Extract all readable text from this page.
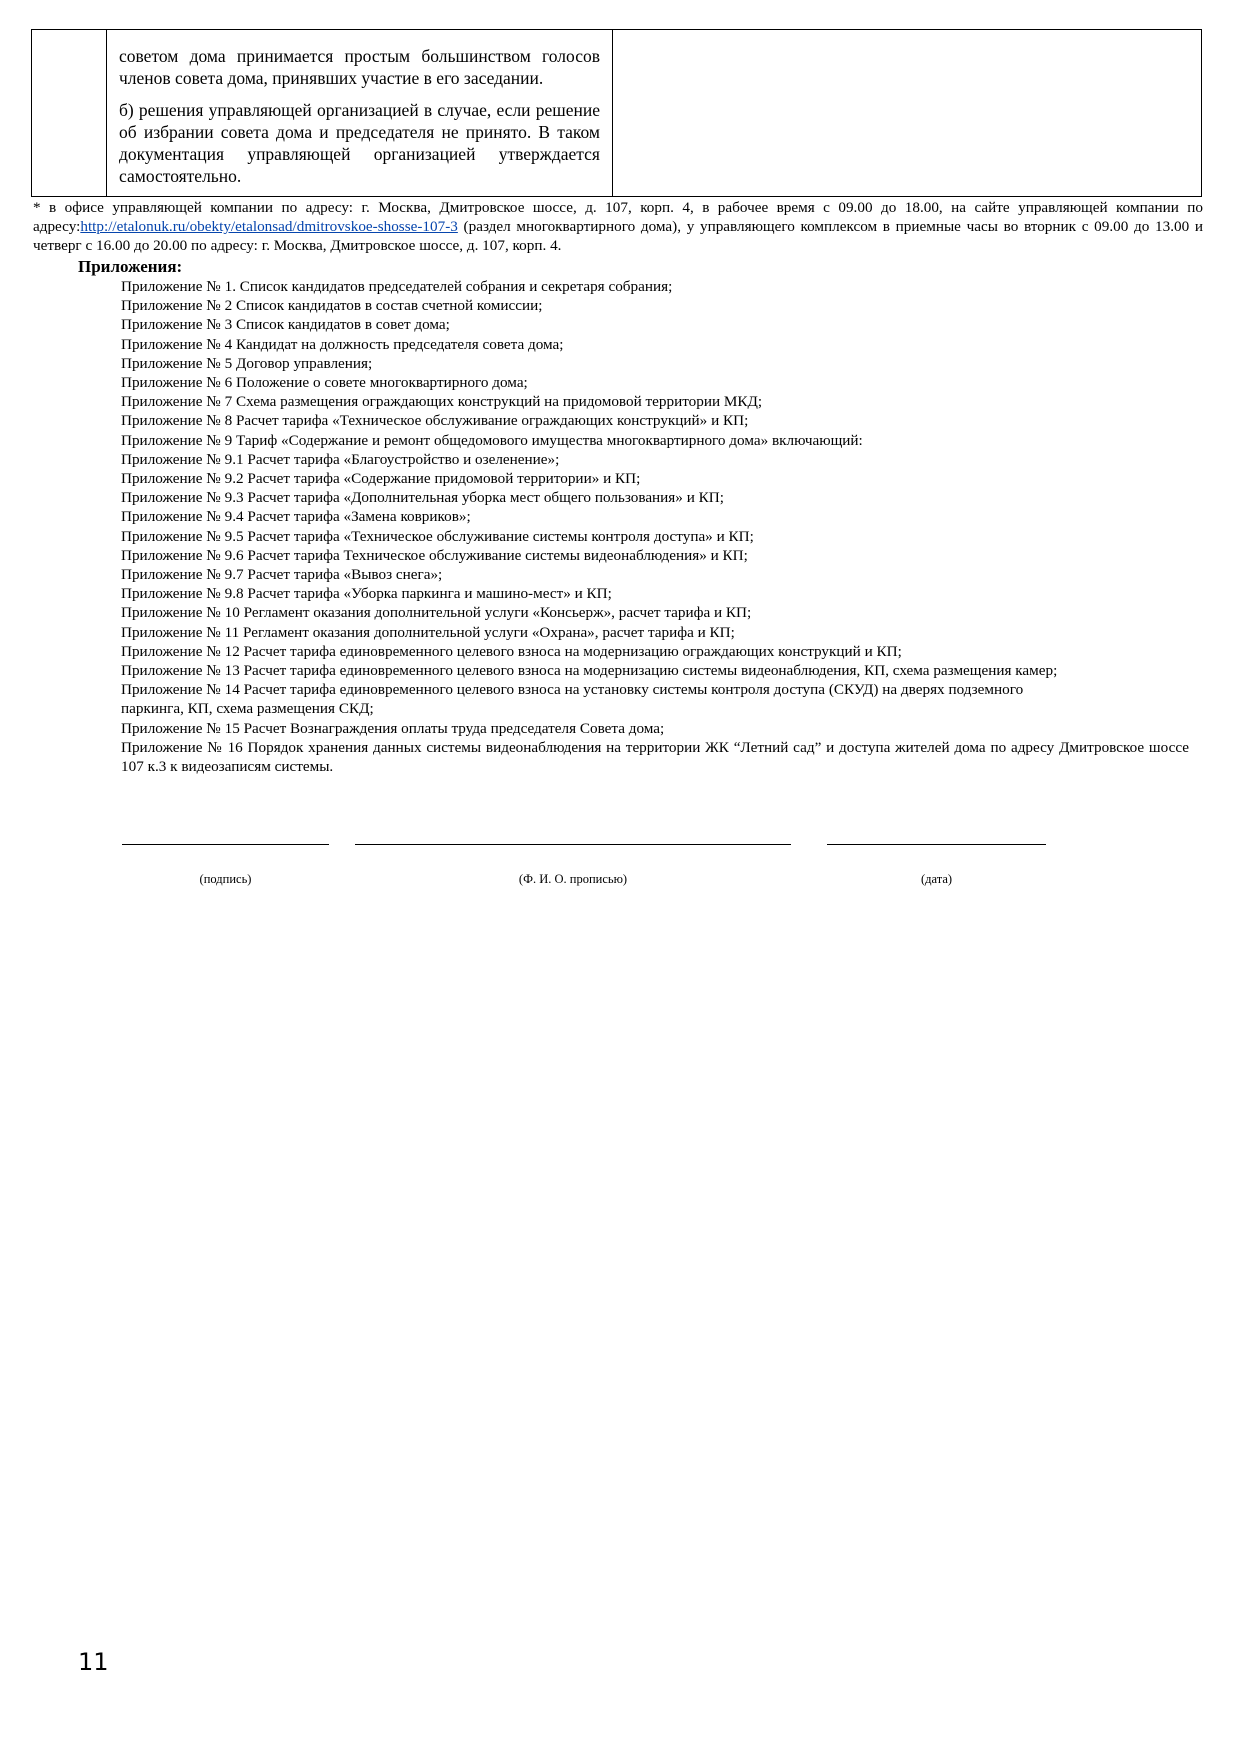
советом дома принимается простым большинством голосов членов совета дома, принявших участие в его заседании.

б) решения управляющей организацией в случае, если решение об избрании совета дома и председателя не принято. В таком документация управляющей организацией утверждается самостоятельно.

* в офисе управляющей компании по адресу: г. Москва, Дмитровское шоссе, д. 107, корп. 4, в рабочее время с 09.00 до 18.00, на сайте управляющей компании по адресу:http://etalonuk.ru/obekty/etalonsad/dmitrovskoe-shosse-107-3 (раздел многоквартирного дома), у управляющего комплексом в приемные часы во вторник с 09.00 до 13.00 и четверг с 16.00 до 20.00 по адресу: г. Москва, Дмитровское шоссе, д. 107, корп. 4.
Приложения:
Приложение № 1. Список кандидатов председателей собрания и секретаря собрания;
Приложение № 2 Список кандидатов в состав счетной комиссии;
Приложение № 3 Список кандидатов в совет дома;
Приложение № 4 Кандидат на должность председателя совета дома;
Приложение № 5 Договор управления;
Приложение № 6 Положение о совете многоквартирного дома;
Приложение № 7 Схема размещения ограждающих конструкций на придомовой территории МКД;
Приложение № 8 Расчет тарифа «Техническое обслуживание ограждающих конструкций» и КП;
Приложение № 9 Тариф «Содержание и ремонт общедомового имущества многоквартирного дома» включающий:
Приложение № 9.1 Расчет тарифа «Благоустройство и озеленение»;
Приложение № 9.2 Расчет тарифа «Содержание придомовой территории» и КП;
Приложение № 9.3 Расчет тарифа «Дополнительная уборка мест общего пользования» и КП;
Приложение № 9.4 Расчет тарифа «Замена ковриков»;
Приложение № 9.5 Расчет тарифа «Техническое обслуживание системы контроля доступа» и КП;
Приложение № 9.6 Расчет тарифа Техническое обслуживание системы видеонаблюдения» и КП;
Приложение № 9.7 Расчет тарифа «Вывоз снега»;
Приложение № 9.8 Расчет тарифа «Уборка паркинга и машино-мест» и КП;
Приложение № 10 Регламент оказания дополнительной услуги «Консьерж», расчет тарифа и КП;
Приложение № 11 Регламент оказания дополнительной услуги «Охрана», расчет тарифа и КП;
Приложение № 12 Расчет тарифа единовременного целевого взноса на модернизацию ограждающих конструкций и КП;
Приложение № 13 Расчет тарифа единовременного целевого взноса на модернизацию системы видеонаблюдения, КП, схема размещения камер;
Приложение № 14 Расчет тарифа единовременного целевого взноса на установку системы контроля доступа (СКУД) на дверях подземного паркинга, КП, схема размещения СКД;
Приложение № 15 Расчет Вознаграждения оплаты труда председателя Совета дома;
Приложение № 16 Порядок хранения данных системы видеонаблюдения на территории ЖК “Летний сад” и доступа жителей дома по адресу Дмитровское шоссе 107 к.3 к видеозаписям системы.
(подпись)	(Ф. И. О. прописью)	(дата)
11
